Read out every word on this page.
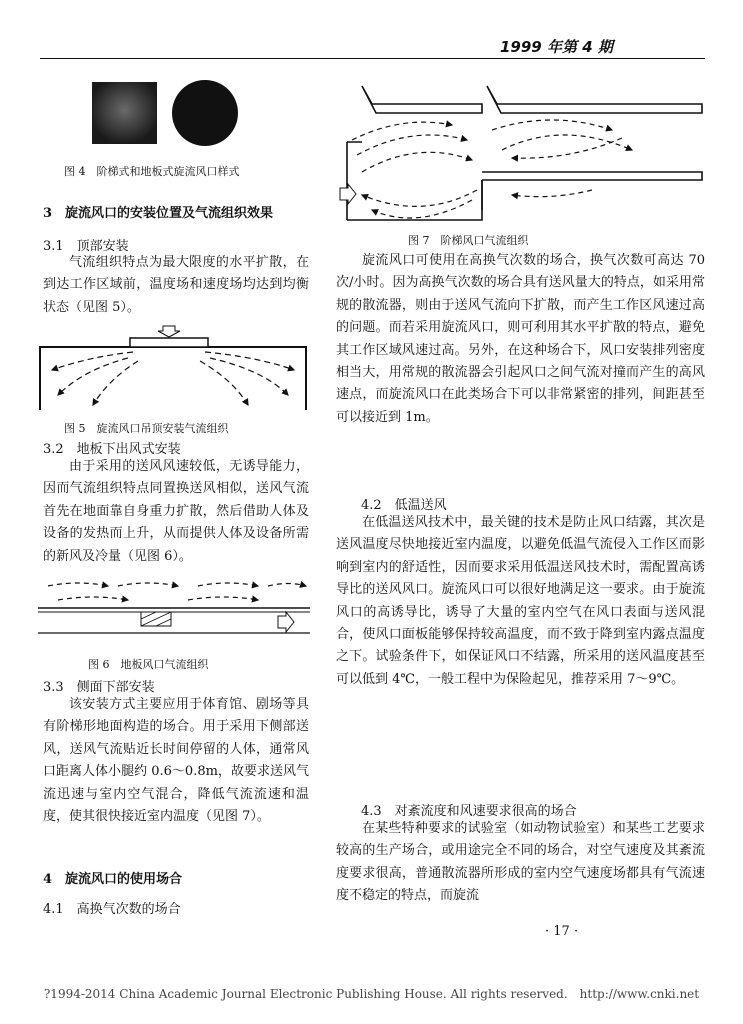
1999 年第 4 期
图 4　阶梯式和地板式旋流风口样式
3　旋流风口的安装位置及气流组织效果
3.1　顶部安装

气流组织特点为最大限度的水平扩散，在到达工作区域前，温度场和速度场均达到均衡状态（见图 5）。

图 5　旋流风口吊顶安装气流组织
3.2　地板下出风式安装

由于采用的送风风速较低，无诱导能力，因而气流组织特点同置换送风相似，送风气流首先在地面靠自身重力扩散，然后借助人体及设备的发热而上升，从而提供人体及设备所需的新风及冷量（见图 6）。

图 6　地板风口气流组织
3.3　侧面下部安装

该安装方式主要应用于体育馆、剧场等具有阶梯形地面构造的场合。用于采用下侧部送风，送风气流贴近长时间停留的人体，通常风口距离人体小腿约 0.6～0.8m，故要求送风气流迅速与室内空气混合，降低气流流速和温度，使其很快接近室内温度（见图 7）。

4　旋流风口的使用场合
4.1　高换气次数的场合
图 7　阶梯风口气流组织

旋流风口可使用在高换气次数的场合，换气次数可高达 70 次/小时。因为高换气次数的场合具有送风量大的特点，如采用常规的散流器，则由于送风气流向下扩散，而产生工作区风速过高的问题。而若采用旋流风口，则可利用其水平扩散的特点，避免其工作区域风速过高。另外，在这种场合下，风口安装排列密度相当大，用常规的散流器会引起风口之间气流对撞而产生的高风速点，而旋流风口在此类场合下可以非常紧密的排列，间距甚至可以接近到 1m。

4.2　低温送风

在低温送风技术中，最关键的技术是防止风口结露，其次是送风温度尽快地接近室内温度，以避免低温气流侵入工作区而影响到室内的舒适性，因而要求采用低温送风技术时，需配置高诱导比的送风风口。旋流风口可以很好地满足这一要求。由于旋流风口的高诱导比，诱导了大量的室内空气在风口表面与送风混合，使风口面板能够保持较高温度，而不致于降到室内露点温度之下。试验条件下，如保证风口不结露，所采用的送风温度甚至可以低到 4℃，一般工程中为保险起见，推荐采用 7～9℃。

4.3　对紊流度和风速要求很高的场合

在某些特种要求的试验室（如动物试验室）和某些工艺要求较高的生产场合，或用途完全不同的场合，对空气速度及其紊流度要求很高，普通散流器所形成的室内空气速度场都具有气流速度不稳定的特点，而旋流

· 17 ·
?1994-2014 China Academic Journal Electronic Publishing House. All rights reserved.　http://www.cnki.net
